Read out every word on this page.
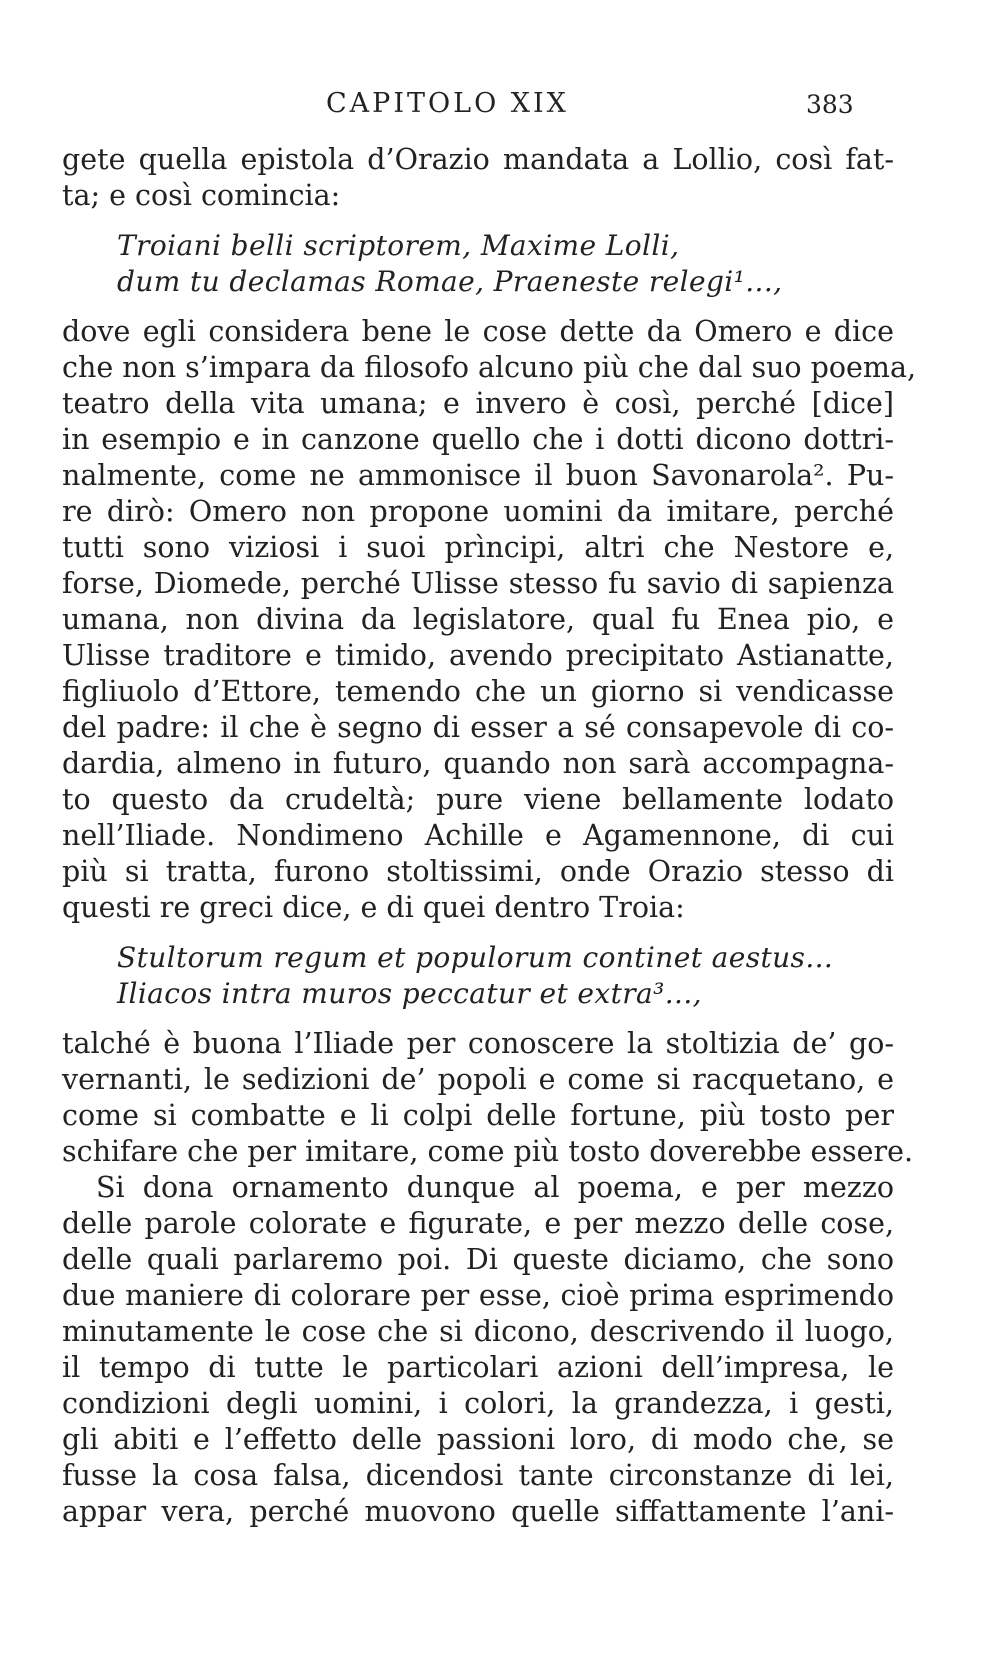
CAPITOLO XIX	383
gete quella epistola d’Orazio mandata a Lollio, così fat-
ta; e così comincia:
Troiani belli scriptorem, Maxime Lolli,
dum tu declamas Romae, Praeneste relegi¹...,
dove egli considera bene le cose dette da Omero e dice
che non s’impara da filosofo alcuno più che dal suo poema,
teatro della vita umana; e invero è così, perché [dice]
in esempio e in canzone quello che i dotti dicono dottri-
nalmente, come ne ammonisce il buon Savonarola². Pu-
re dirò: Omero non propone uomini da imitare, perché
tutti sono viziosi i suoi prìncipi, altri che Nestore e,
forse, Diomede, perché Ulisse stesso fu savio di sapienza
umana, non divina da legislatore, qual fu Enea pio, e
Ulisse traditore e timido, avendo precipitato Astianatte,
figliuolo d’Ettore, temendo che un giorno si vendicasse
del padre: il che è segno di esser a sé consapevole di co-
dardia, almeno in futuro, quando non sarà accompagna-
to questo da crudeltà; pure viene bellamente lodato
nell’Iliade. Nondimeno Achille e Agamennone, di cui
più si tratta, furono stoltissimi, onde Orazio stesso di
questi re greci dice, e di quei dentro Troia:
Stultorum regum et populorum continet aestus...
Iliacos intra muros peccatur et extra³...,
talché è buona l’Iliade per conoscere la stoltizia de’ go-
vernanti, le sedizioni de’ popoli e come si racquetano, e
come si combatte e li colpi delle fortune, più tosto per
schifare che per imitare, come più tosto doverebbe essere.
Si dona ornamento dunque al poema, e per mezzo
delle parole colorate e figurate, e per mezzo delle cose,
delle quali parlaremo poi. Di queste diciamo, che sono
due maniere di colorare per esse, cioè prima esprimendo
minutamente le cose che si dicono, descrivendo il luogo,
il tempo di tutte le particolari azioni dell’impresa, le
condizioni degli uomini, i colori, la grandezza, i gesti,
gli abiti e l’effetto delle passioni loro, di modo che, se
fusse la cosa falsa, dicendosi tante circonstanze di lei,
appar vera, perché muovono quelle siffattamente l’ani-
